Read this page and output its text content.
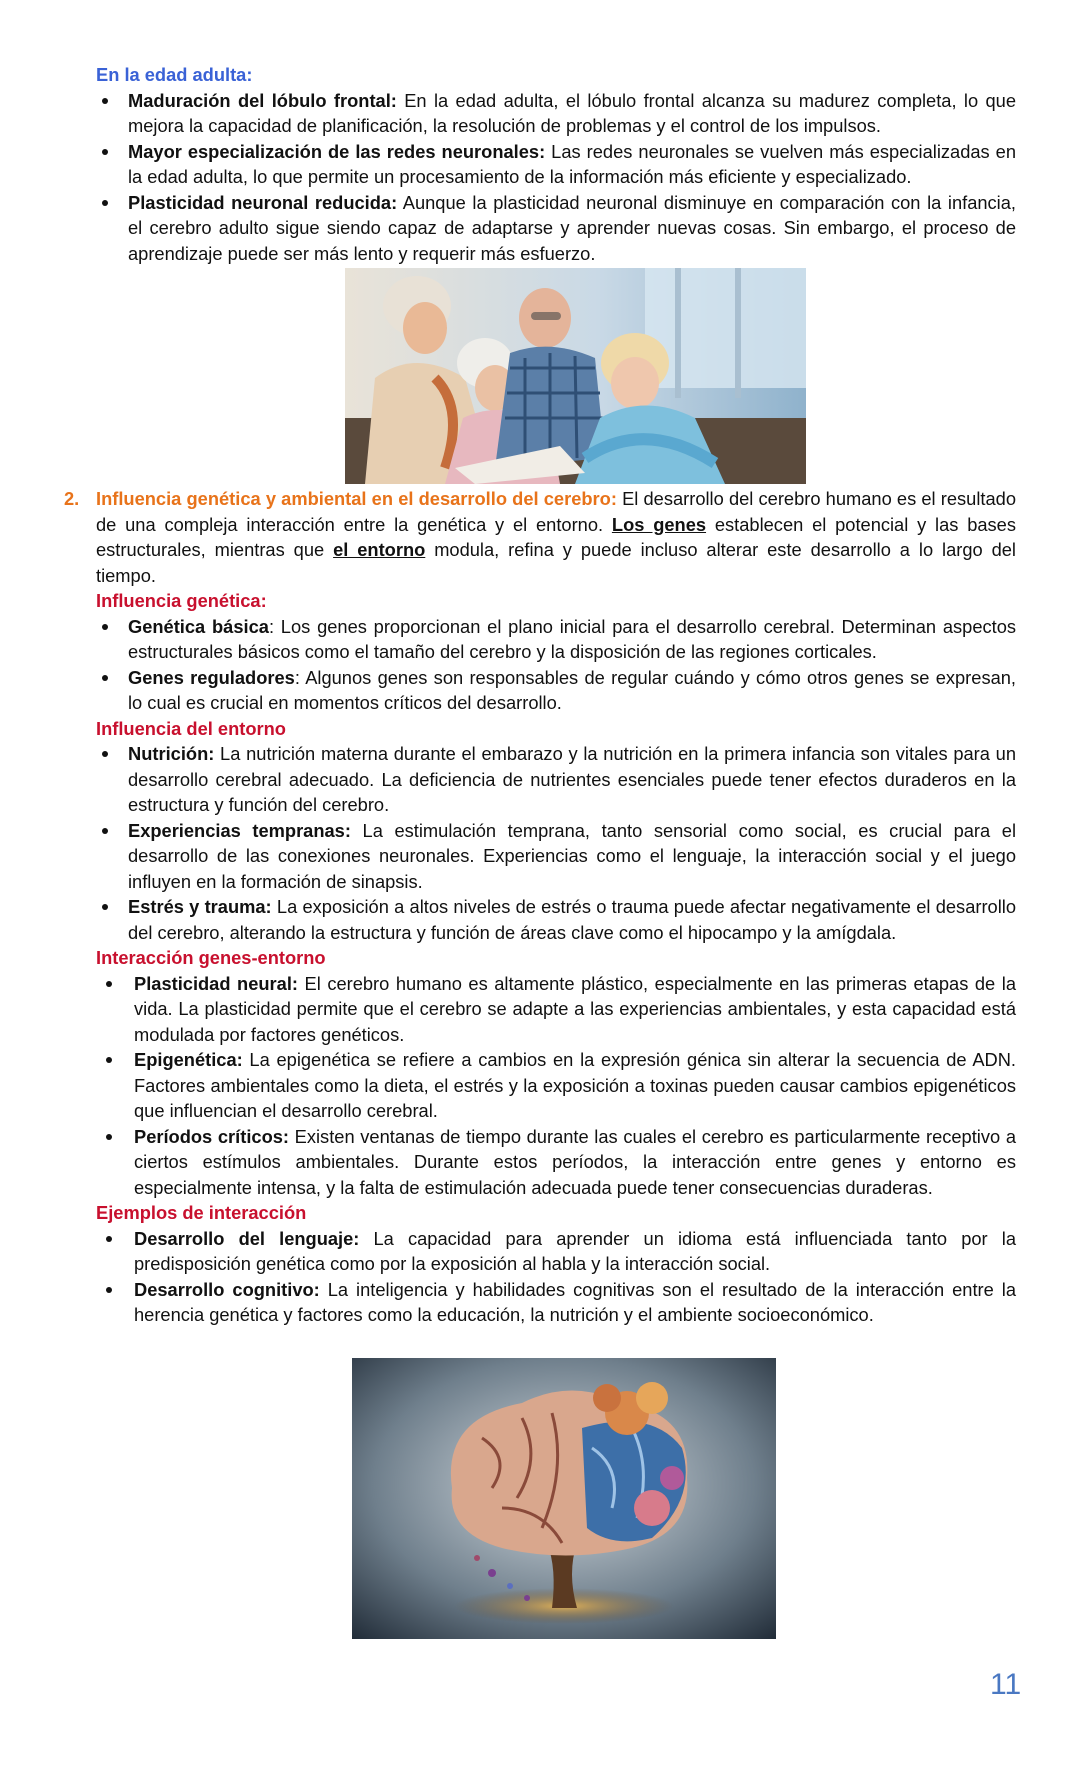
En la edad adulta:
Maduración del lóbulo frontal: En la edad adulta, el lóbulo frontal alcanza su madurez completa, lo que mejora la capacidad de planificación, la resolución de problemas y el control de los impulsos.
Mayor especialización de las redes neuronales: Las redes neuronales se vuelven más especializadas en la edad adulta, lo que permite un procesamiento de la información más eficiente y especializado.
Plasticidad neuronal reducida: Aunque la plasticidad neuronal disminuye en comparación con la infancia, el cerebro adulto sigue siendo capaz de adaptarse y aprender nuevas cosas. Sin embargo, el proceso de aprendizaje puede ser más lento y requerir más esfuerzo.
2. Influencia genética y ambiental en el desarrollo del cerebro: El desarrollo del cerebro humano es el resultado de una compleja interacción entre la genética y el entorno. Los genes establecen el potencial y las bases estructurales, mientras que el entorno modula, refina y puede incluso alterar este desarrollo a lo largo del tiempo.
Influencia genética:
Genética básica: Los genes proporcionan el plano inicial para el desarrollo cerebral. Determinan aspectos estructurales básicos como el tamaño del cerebro y la disposición de las regiones corticales.
Genes reguladores: Algunos genes son responsables de regular cuándo y cómo otros genes se expresan, lo cual es crucial en momentos críticos del desarrollo.
Influencia del entorno
Nutrición: La nutrición materna durante el embarazo y la nutrición en la primera infancia son vitales para un desarrollo cerebral adecuado. La deficiencia de nutrientes esenciales puede tener efectos duraderos en la estructura y función del cerebro.
Experiencias tempranas: La estimulación temprana, tanto sensorial como social, es crucial para el desarrollo de las conexiones neuronales. Experiencias como el lenguaje, la interacción social y el juego influyen en la formación de sinapsis.
Estrés y trauma: La exposición a altos niveles de estrés o trauma puede afectar negativamente el desarrollo del cerebro, alterando la estructura y función de áreas clave como el hipocampo y la amígdala.
Interacción genes-entorno
Plasticidad neural: El cerebro humano es altamente plástico, especialmente en las primeras etapas de la vida. La plasticidad permite que el cerebro se adapte a las experiencias ambientales, y esta capacidad está modulada por factores genéticos.
Epigenética: La epigenética se refiere a cambios en la expresión génica sin alterar la secuencia de ADN. Factores ambientales como la dieta, el estrés y la exposición a toxinas pueden causar cambios epigenéticos que influencian el desarrollo cerebral.
Períodos críticos: Existen ventanas de tiempo durante las cuales el cerebro es particularmente receptivo a ciertos estímulos ambientales. Durante estos períodos, la interacción entre genes y entorno es especialmente intensa, y la falta de estimulación adecuada puede tener consecuencias duraderas.
Ejemplos de interacción
Desarrollo del lenguaje: La capacidad para aprender un idioma está influenciada tanto por la predisposición genética como por la exposición al habla y la interacción social.
Desarrollo cognitivo: La inteligencia y habilidades cognitivas son el resultado de la interacción entre la herencia genética y factores como la educación, la nutrición y el ambiente socioeconómico.
11
